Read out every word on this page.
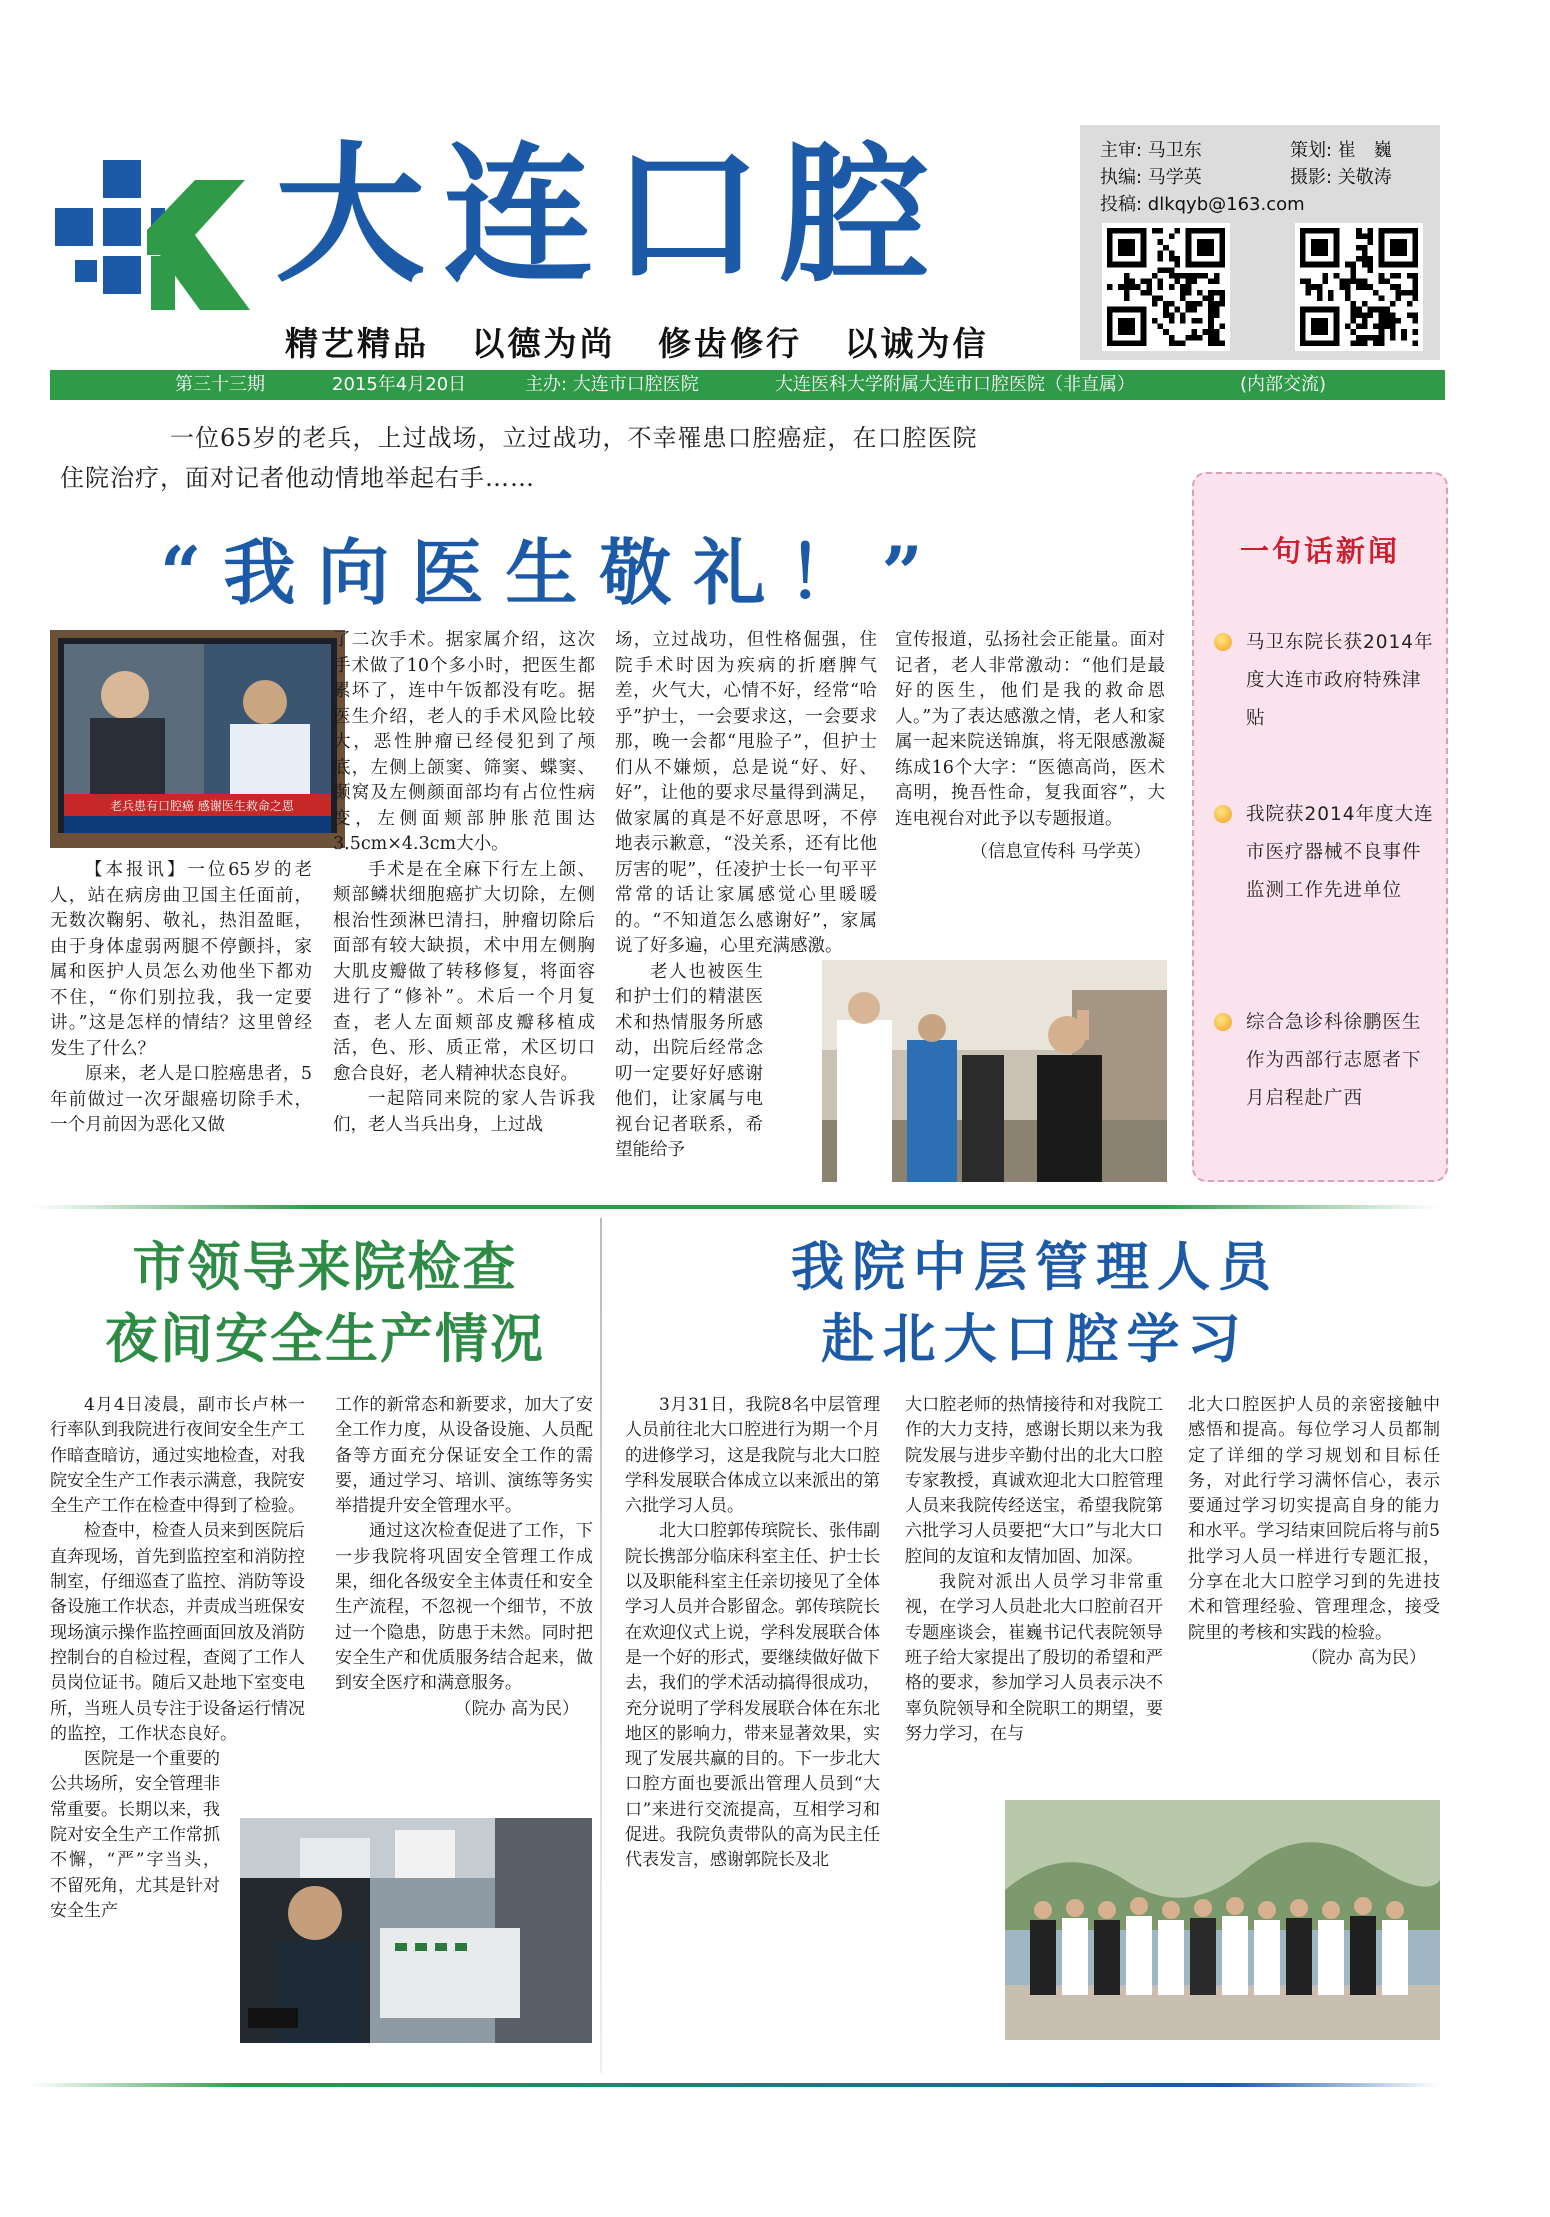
大连口腔
精艺精品 以德为尚 修齿修行 以诚为信
主审: 马卫东	策划: 崔　巍
执编: 马学英	摄影: 关敬涛
投稿: dlkqyb@163.com
第三十三期	2015年4月20日	主办: 大连市口腔医院	大连医科大学附属大连市口腔医院（非直属）	(内部交流)
一位65岁的老兵，上过战场，立过战功，不幸罹患口腔癌症，在口腔医院
住院治疗，面对记者他动情地举起右手……
“我向医生敬礼！”
老兵患有口腔癌 感谢医生救命之恩

【本报讯】一位65岁的老人，站在病房曲卫国主任面前，无数次鞠躬、敬礼，热泪盈眶，由于身体虚弱两腿不停颤抖，家属和医护人员怎么劝他坐下都劝不住，“你们别拉我，我一定要讲。”这是怎样的情结？这里曾经发生了什么？

原来，老人是口腔癌患者，5年前做过一次牙龈癌切除手术，一个月前因为恶化又做

了二次手术。据家属介绍，这次手术做了10个多小时，把医生都累坏了，连中午饭都没有吃。据医生介绍，老人的手术风险比较大，恶性肿瘤已经侵犯到了颅底，左侧上颌窦、筛窦、蝶窦、颞窝及左侧颜面部均有占位性病变，左侧面颊部肿胀范围达3.5cm×4.3cm大小。

手术是在全麻下行左上颌、颊部鳞状细胞癌扩大切除，左侧根治性颈淋巴清扫，肿瘤切除后面部有较大缺损，术中用左侧胸大肌皮瓣做了转移修复，将面容进行了“修补”。术后一个月复查，老人左面颊部皮瓣移植成活，色、形、质正常，术区切口愈合良好，老人精神状态良好。

一起陪同来院的家人告诉我们，老人当兵出身，上过战

场，立过战功，但性格倔强，住院手术时因为疾病的折磨脾气差，火气大，心情不好，经常“哈乎”护士，一会要求这，一会要求那，晚一会都“甩脸子”，但护士们从不嫌烦，总是说“好、好、好”，让他的要求尽量得到满足，做家属的真是不好意思呀，不停地表示歉意，“没关系，还有比他厉害的呢”，任凌护士长一句平平常常的话让家属感觉心里暖暖的。“不知道怎么感谢好”，家属说了好多遍，心里充满感激。

老人也被医生和护士们的精湛医术和热情服务所感动，出院后经常念叨一定要好好感谢他们，让家属与电视台记者联系，希望能给予

宣传报道，弘扬社会正能量。面对记者，老人非常激动：“他们是最好的医生，他们是我的救命恩人。”为了表达感激之情，老人和家属一起来院送锦旗，将无限感激凝练成16个大字：“医德高尚，医术高明，挽吾性命，复我面容”，大连电视台对此予以专题报道。

（信息宣传科 马学英）

一句话新闻
马卫东院长获2014年度大连市政府特殊津贴
我院获2014年度大连市医疗器械不良事件监测工作先进单位
综合急诊科徐鹏医生作为西部行志愿者下月启程赴广西
市领导来院检查
夜间安全生产情况

4月4日凌晨，副市长卢林一行率队到我院进行夜间安全生产工作暗查暗访，通过实地检查，对我院安全生产工作表示满意，我院安全生产工作在检查中得到了检验。

检查中，检查人员来到医院后直奔现场，首先到监控室和消防控制室，仔细巡查了监控、消防等设备设施工作状态，并责成当班保安现场演示操作监控画面回放及消防控制台的自检过程，查阅了工作人员岗位证书。随后又赴地下室变电所，当班人员专注于设备运行情况的监控，工作状态良好。

医院是一个重要的公共场所，安全管理非常重要。长期以来，我院对安全生产工作常抓不懈，“严”字当头，不留死角，尤其是针对安全生产

工作的新常态和新要求，加大了安全工作力度，从设备设施、人员配备等方面充分保证安全工作的需要，通过学习、培训、演练等务实举措提升安全管理水平。

通过这次检查促进了工作，下一步我院将巩固安全管理工作成果，细化各级安全主体责任和安全生产流程，不忽视一个细节，不放过一个隐患，防患于未然。同时把安全生产和优质服务结合起来，做到安全医疗和满意服务。

（院办 高为民）

我院中层管理人员
赴北大口腔学习

3月31日，我院8名中层管理人员前往北大口腔进行为期一个月的进修学习，这是我院与北大口腔学科发展联合体成立以来派出的第六批学习人员。

北大口腔郭传瑸院长、张伟副院长携部分临床科室主任、护士长以及职能科室主任亲切接见了全体学习人员并合影留念。郭传瑸院长在欢迎仪式上说，学科发展联合体是一个好的形式，要继续做好做下去，我们的学术活动搞得很成功，充分说明了学科发展联合体在东北地区的影响力，带来显著效果，实现了发展共赢的目的。下一步北大口腔方面也要派出管理人员到“大口”来进行交流提高，互相学习和促进。我院负责带队的高为民主任代表发言，感谢郭院长及北

大口腔老师的热情接待和对我院工作的大力支持，感谢长期以来为我院发展与进步辛勤付出的北大口腔专家教授，真诚欢迎北大口腔管理人员来我院传经送宝，希望我院第六批学习人员要把“大口”与北大口腔间的友谊和友情加固、加深。

我院对派出人员学习非常重视，在学习人员赴北大口腔前召开专题座谈会，崔巍书记代表院领导班子给大家提出了殷切的希望和严格的要求，参加学习人员表示决不辜负院领导和全院职工的期望，要努力学习，在与

北大口腔医护人员的亲密接触中感悟和提高。每位学习人员都制定了详细的学习规划和目标任务，对此行学习满怀信心，表示要通过学习切实提高自身的能力和水平。学习结束回院后将与前5批学习人员一样进行专题汇报，分享在北大口腔学习到的先进技术和管理经验、管理理念，接受院里的考核和实践的检验。

（院办 高为民）
